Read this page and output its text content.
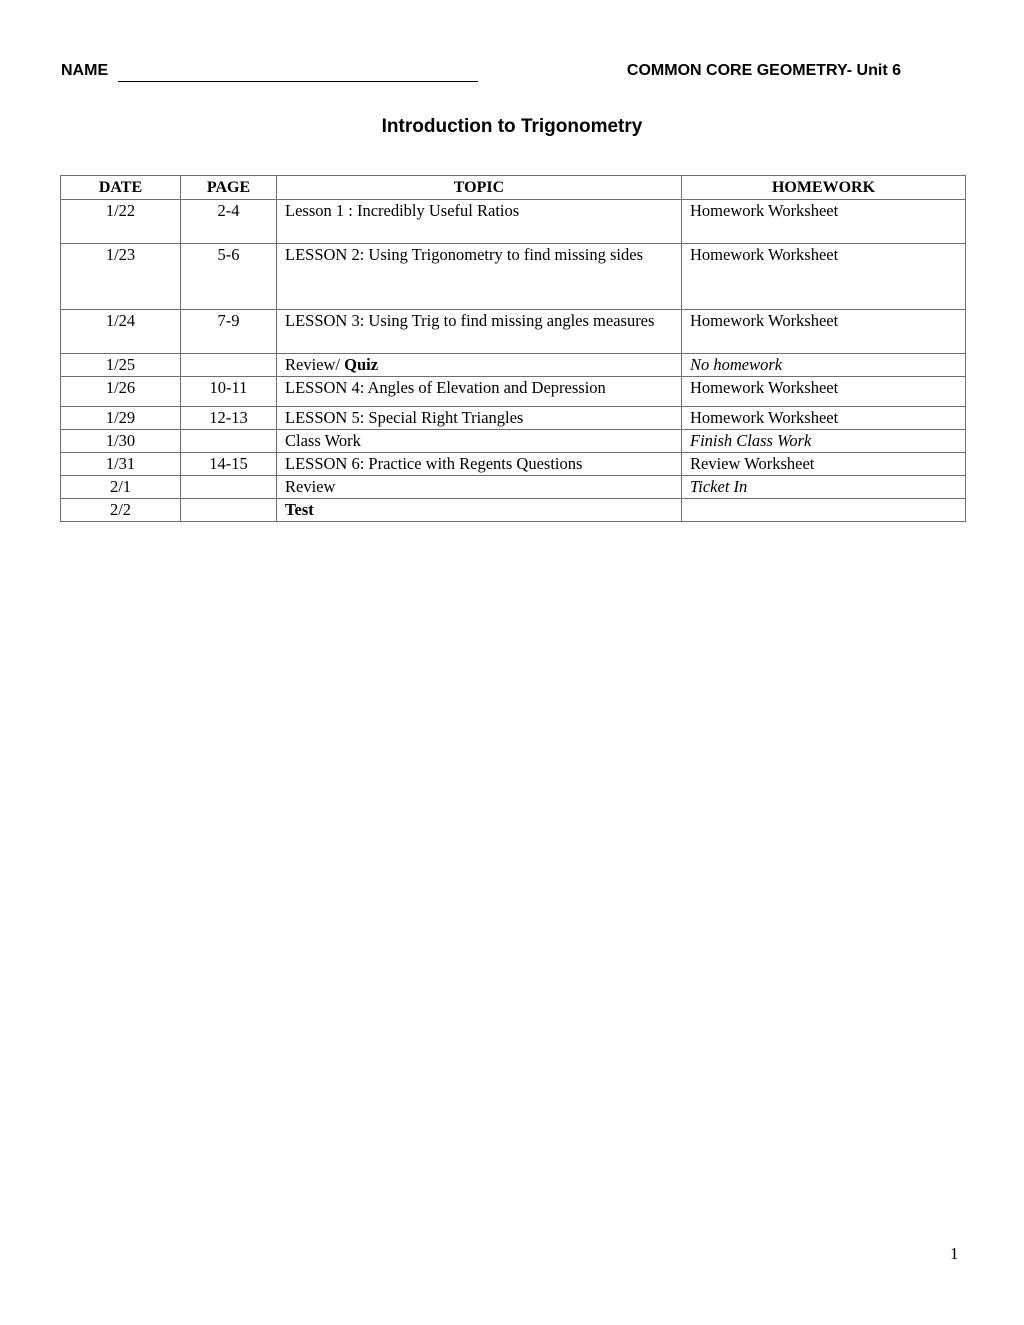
NAME	COMMON CORE GEOMETRY- Unit 6
Introduction to Trigonometry
DATE	PAGE	TOPIC	HOMEWORK
1/22	2-4	Lesson 1 : Incredibly Useful Ratios	Homework Worksheet
1/23	5-6	LESSON 2: Using Trigonometry to find missing sides	Homework Worksheet
1/24	7-9	LESSON 3: Using Trig to find missing angles measures	Homework Worksheet
1/25		Review/ Quiz	No homework
1/26	10-11	LESSON 4: Angles of Elevation and Depression	Homework Worksheet
1/29	12-13	LESSON 5: Special Right Triangles	Homework Worksheet
1/30		Class Work	Finish Class Work
1/31	14-15	LESSON 6: Practice with Regents Questions	Review Worksheet
2/1		Review	Ticket In
2/2		Test	
1
